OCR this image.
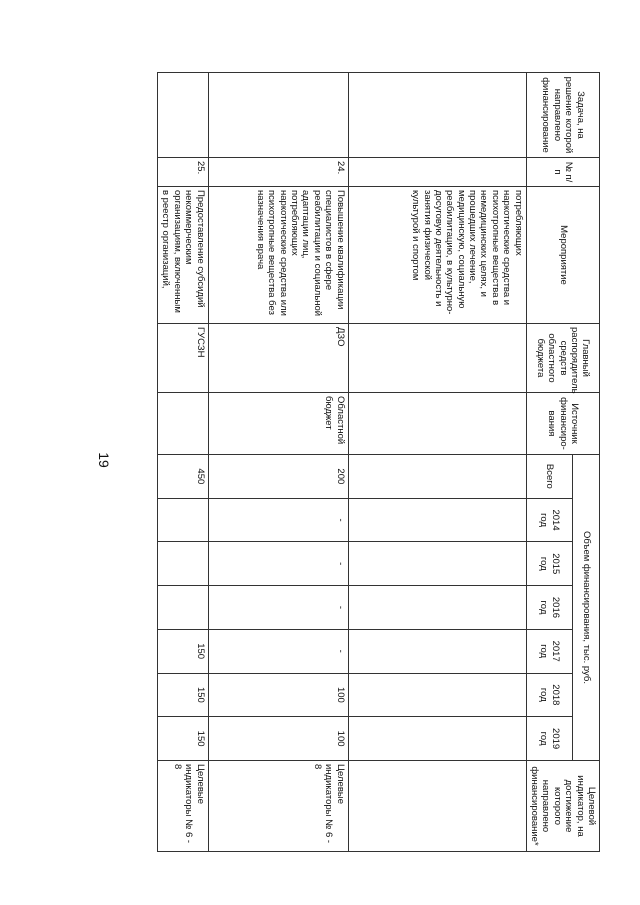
19
Задача, на решение которой направлено финансирование	№ п/п	Мероприятие	Главный распорядитель средств областного бюджета	Источник финансиро-вания	Объем финансирования, тыс. руб.							Целевой индикатор, на достижение которого направлено финансирование*
					Всего	2014 год	2015 год	2016 год	2017 год	2018 год	2019 год	
		потребляющих наркотические средства и психотропные вещества в немедицинских целях, и прошедших лечение, медицинскую, социальную реабилитацию, в культурно-досуговую деятельность и занятия физической культурой и спортом										
	24.	Повышение квалификации специалистов в сфере реабилитации и социальной адаптации лиц, потребляющих наркотические средства или психотропные вещества без назначения врача	ДЗО	Областной бюджет	200	-	-	-	-	100	100	Целевые индикаторы № 6 - 8
	25.	Предоставление субсидий некоммерческим организациям, включенным в реестр организаций,	ГУСЗН		450				150	150	150	Целевые индикаторы № 6 - 8
